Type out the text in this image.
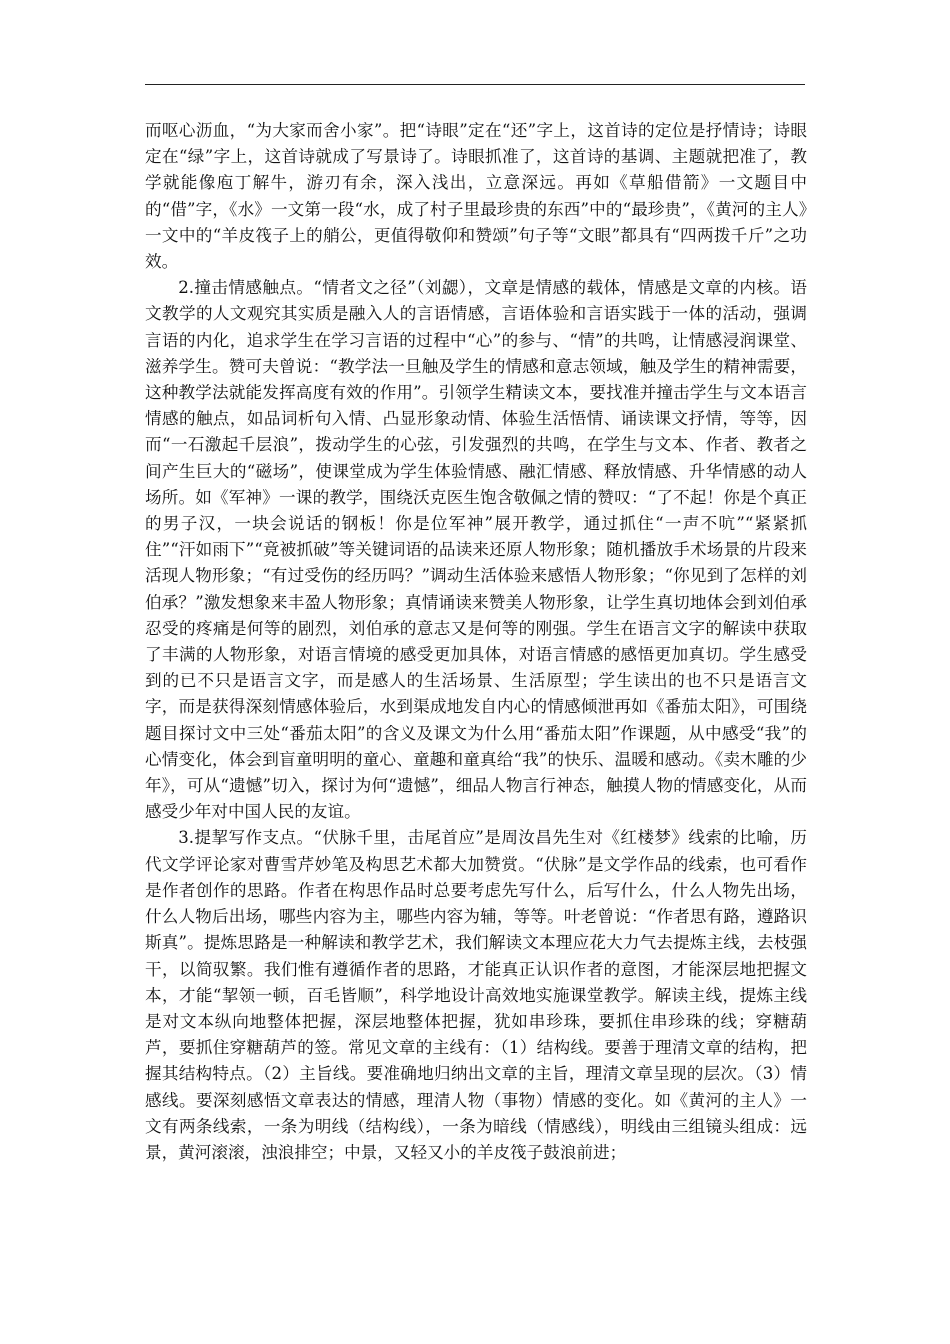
而呕心沥血，“为大家而舍小家”。把“诗眼”定在“还”字上，这首诗的定位是抒情诗；诗眼定在“绿”字上，这首诗就成了写景诗了。诗眼抓准了，这首诗的基调、主题就把准了，教学就能像庖丁解牛，游刃有余，深入浅出，立意深远。再如《草船借箭》一文题目中的“借”字，《水》一文第一段“水，成了村子里最珍贵的东西”中的“最珍贵”，《黄河的主人》一文中的“羊皮筏子上的艄公，更值得敬仰和赞颂”句子等“文眼”都具有“四两拨千斤”之功效。

2.撞击情感触点。“情者文之径”（刘勰），文章是情感的载体，情感是文章的内核。语文教学的人文观究其实质是融入人的言语情感，言语体验和言语实践于一体的活动，强调言语的内化，追求学生在学习言语的过程中“心”的参与、“情”的共鸣，让情感浸润课堂、滋养学生。赞可夫曾说：“教学法一旦触及学生的情感和意志领域，触及学生的精神需要，这种教学法就能发挥高度有效的作用”。引领学生精读文本，要找准并撞击学生与文本语言情感的触点，如品词析句入情、凸显形象动情、体验生活悟情、诵读课文抒情，等等，因而“一石激起千层浪”，拨动学生的心弦，引发强烈的共鸣，在学生与文本、作者、教者之间产生巨大的“磁场”，使课堂成为学生体验情感、融汇情感、释放情感、升华情感的动人场所。如《军神》一课的教学，围绕沃克医生饱含敬佩之情的赞叹：“了不起！你是个真正的男子汉，一块会说话的钢板！你是位军神”展开教学，通过抓住“一声不吭”“紧紧抓住”“汗如雨下”“竟被抓破”等关键词语的品读来还原人物形象；随机播放手术场景的片段来活现人物形象；“有过受伤的经历吗？”调动生活体验来感悟人物形象；“你见到了怎样的刘伯承？”激发想象来丰盈人物形象；真情诵读来赞美人物形象，让学生真切地体会到刘伯承忍受的疼痛是何等的剧烈，刘伯承的意志又是何等的刚强。学生在语言文字的解读中获取了丰满的人物形象，对语言情境的感受更加具体，对语言情感的感悟更加真切。学生感受到的已不只是语言文字，而是感人的生活场景、生活原型；学生读出的也不只是语言文字，而是获得深刻情感体验后，水到渠成地发自内心的情感倾泄再如《番茄太阳》，可围绕题目探讨文中三处“番茄太阳”的含义及课文为什么用“番茄太阳”作课题，从中感受“我”的心情变化，体会到盲童明明的童心、童趣和童真给“我”的快乐、温暖和感动。《卖木雕的少年》，可从“遗憾”切入，探讨为何“遗憾”，细品人物言行神态，触摸人物的情感变化，从而感受少年对中国人民的友谊。

3.提挈写作支点。“伏脉千里，击尾首应”是周汝昌先生对《红楼梦》线索的比喻，历代文学评论家对曹雪芹妙笔及构思艺术都大加赞赏。“伏脉”是文学作品的线索，也可看作是作者创作的思路。作者在构思作品时总要考虑先写什么，后写什么，什么人物先出场，什么人物后出场，哪些内容为主，哪些内容为辅，等等。叶老曾说：“作者思有路，遵路识斯真”。提炼思路是一种解读和教学艺术，我们解读文本理应花大力气去提炼主线，去枝强干，以简驭繁。我们惟有遵循作者的思路，才能真正认识作者的意图，才能深层地把握文本，才能“挈领一顿，百毛皆顺”，科学地设计高效地实施课堂教学。解读主线，提炼主线是对文本纵向地整体把握，深层地整体把握，犹如串珍珠，要抓住串珍珠的线；穿糖葫芦，要抓住穿糖葫芦的签。常见文章的主线有：（1）结构线。要善于理清文章的结构，把握其结构特点。（2）主旨线。要准确地归纳出文章的主旨，理清文章呈现的层次。（3）情感线。要深刻感悟文章表达的情感，理清人物（事物）情感的变化。如《黄河的主人》一文有两条线索，一条为明线（结构线），一条为暗线（情感线），明线由三组镜头组成：远景，黄河滚滚，浊浪排空；中景，又轻又小的羊皮筏子鼓浪前进；
